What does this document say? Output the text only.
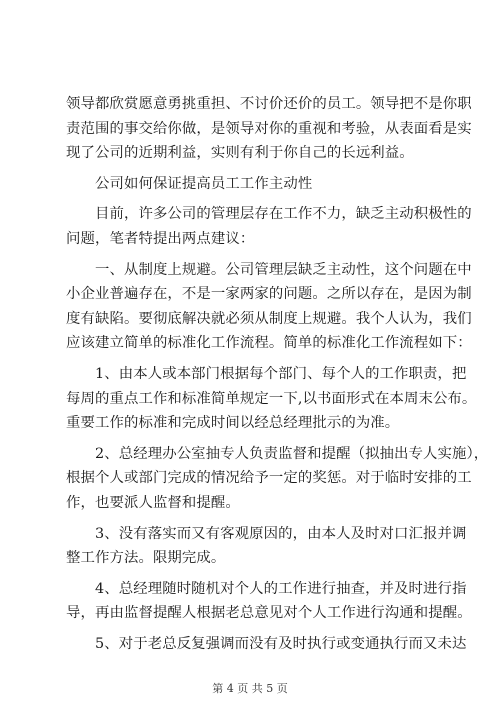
领导都欣赏愿意勇挑重担、不讨价还价的员工。领导把不是你职
责范围的事交给你做，是领导对你的重视和考验，从表面看是实
现了公司的近期利益，实则有利于你自己的长远利益。
　　公司如何保证提高员工工作主动性
　　目前，许多公司的管理层存在工作不力，缺乏主动积极性的
问题，笔者特提出两点建议：
　　一、从制度上规避。公司管理层缺乏主动性，这个问题在中
小企业普遍存在，不是一家两家的问题。之所以存在，是因为制
度有缺陷。要彻底解决就必须从制度上规避。我个人认为，我们
应该建立简单的标准化工作流程。简单的标准化工作流程如下：
　　1、由本人或本部门根据每个部门、每个人的工作职责，把
每周的重点工作和标准简单规定一下,以书面形式在本周末公布。
重要工作的标准和完成时间以经总经理批示的为准。
　　2、总经理办公室抽专人负责监督和提醒（拟抽出专人实施），
根据个人或部门完成的情况给予一定的奖惩。对于临时安排的工
作，也要派人监督和提醒。
　　3、没有落实而又有客观原因的，由本人及时对口汇报并调
整工作方法。限期完成。
　　4、总经理随时随机对个人的工作进行抽查，并及时进行指
导，再由监督提醒人根据老总意见对个人工作进行沟通和提醒。
　　5、对于老总反复强调而没有及时执行或变通执行而又未达
第 4 页 共 5 页
